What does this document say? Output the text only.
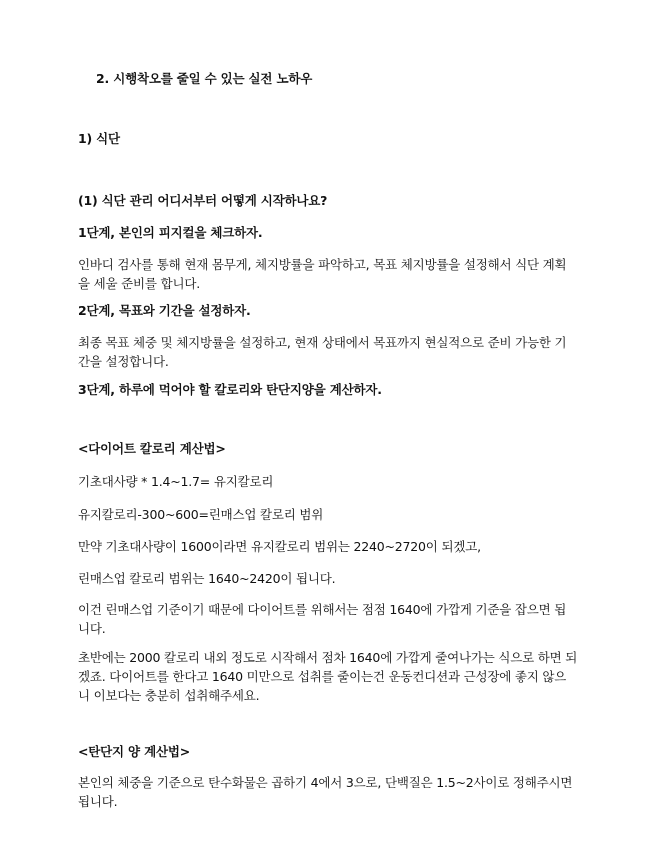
2. 시행착오를 줄일 수 있는 실전 노하우
1) 식단
(1) 식단 관리 어디서부터 어떻게 시작하나요?
1단계, 본인의 피지컬을 체크하자.
인바디 검사를 통해 현재 몸무게, 체지방률을 파악하고, 목표 체지방률을 설정해서 식단 계획을 세울 준비를 합니다.
2단계, 목표와 기간을 설정하자.
최종 목표 체중 및 체지방률을 설정하고, 현재 상태에서 목표까지 현실적으로 준비 가능한 기간을 설정합니다.
3단계, 하루에 먹어야 할 칼로리와 탄단지양을 계산하자.
<다이어트 칼로리 계산법>
기초대사량 * 1.4~1.7= 유지칼로리
유지칼로리-300~600=린매스업 칼로리 범위
만약 기초대사량이 1600이라면 유지칼로리 범위는 2240~2720이 되겠고,
린매스업 칼로리 범위는 1640~2420이 됩니다.
이건 린매스업 기준이기 때문에 다이어트를 위해서는 점점 1640에 가깝게 기준을 잡으면 됩니다.
초반에는 2000 칼로리 내외 정도로 시작해서 점차 1640에 가깝게 줄여나가는 식으로 하면 되겠죠. 다이어트를 한다고 1640 미만으로 섭취를 줄이는건 운동컨디션과 근성장에 좋지 않으니 이보다는 충분히 섭취해주세요.
<탄단지 양 계산법>
본인의 체중을 기준으로 탄수화물은 곱하기 4에서 3으로, 단백질은 1.5~2사이로 정해주시면 됩니다.
